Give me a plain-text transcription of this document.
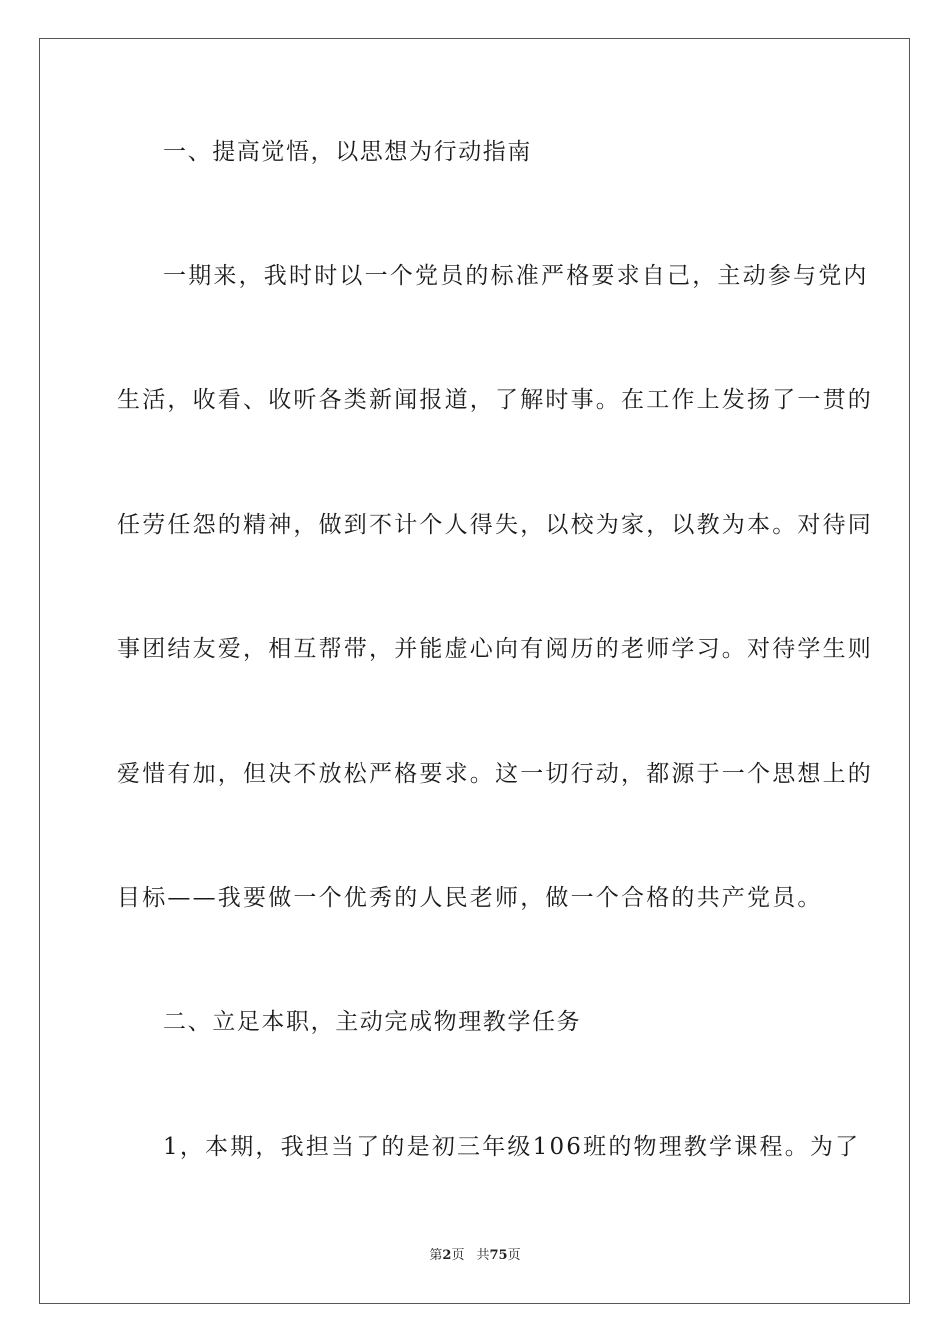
一、提高觉悟，以思想为行动指南
一期来，我时时以一个党员的标准严格要求自己，主动参与党内
生活，收看、收听各类新闻报道，了解时事。在工作上发扬了一贯的
任劳任怨的精神，做到不计个人得失，以校为家，以教为本。对待同
事团结友爱，相互帮带，并能虚心向有阅历的老师学习。对待学生则
爱惜有加，但决不放松严格要求。这一切行动，都源于一个思想上的
目标——我要做一个优秀的人民老师，做一个合格的共产党员。
二、立足本职，主动完成物理教学任务
1，本期，我担当了的是初三年级106班的物理教学课程。为了
第2页 共75页
